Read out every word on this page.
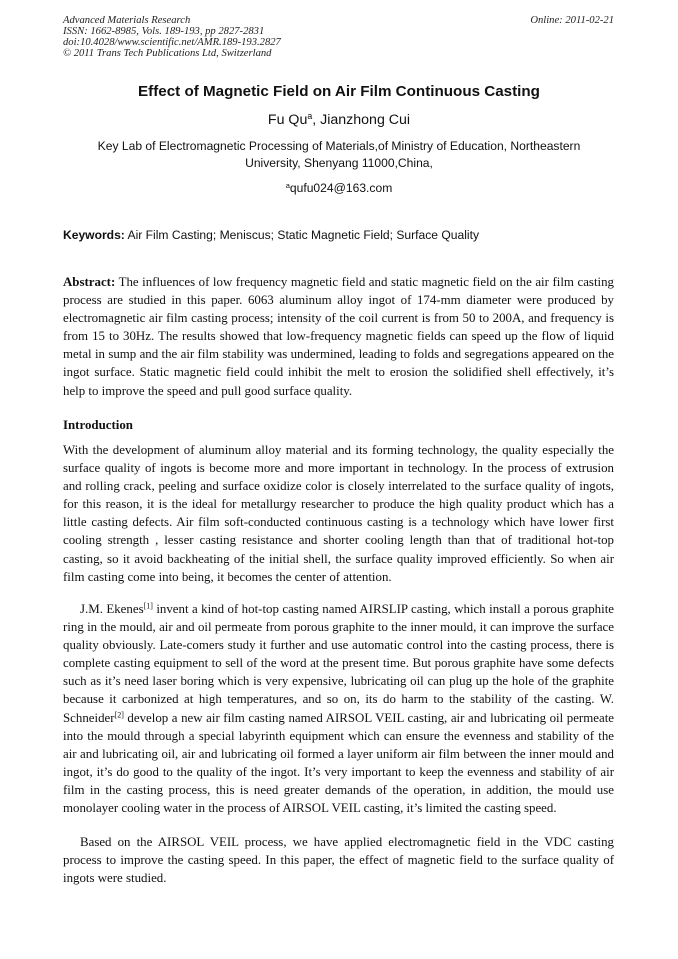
Advanced Materials Research
ISSN: 1662-8985, Vols. 189-193, pp 2827-2831
doi:10.4028/www.scientific.net/AMR.189-193.2827
© 2011 Trans Tech Publications Ltd, Switzerland
Online: 2011-02-21
Effect of Magnetic Field on Air Film Continuous Casting
Fu Qu$^a$, Jianzhong Cui
Key Lab of Electromagnetic Processing of Materials,of Ministry of Education, Northeastern
University, Shenyang 11000,China,
$^a$qufu024@163.com
Keywords: Air Film Casting; Meniscus; Static Magnetic Field; Surface Quality

Abstract: The influences of low frequency magnetic field and static magnetic field on the air film casting process are studied in this paper. 6063 aluminum alloy ingot of 174-mm diameter were produced by electromagnetic air film casting process; intensity of the coil current is from 50 to 200A, and frequency is from 15 to 30Hz. The results showed that low-frequency magnetic fields can speed up the flow of liquid metal in sump and the air film stability was undermined, leading to folds and segregations appeared on the ingot surface. Static magnetic field could inhibit the melt to erosion the solidified shell effectively, it’s help to improve the speed and pull good surface quality.

Introduction

With the development of aluminum alloy material and its forming technology, the quality especially the surface quality of ingots is become more and more important in technology. In the process of extrusion and rolling crack, peeling and surface oxidize color is closely interrelated to the surface quality of ingots, for this reason, it is the ideal for metallurgy researcher to produce the high quality product which has a little casting defects. Air film soft-conducted continuous casting is a technology which have lower first cooling strength , lesser casting resistance and shorter cooling length than that of traditional hot-top casting, so it avoid backheating of the initial shell, the surface quality improved efficiently. So when air film casting come into being, it becomes the center of attention.

J.M. Ekenes[1] invent a kind of hot-top casting named AIRSLIP casting, which install a porous graphite ring in the mould, air and oil permeate from porous graphite to the inner mould, it can improve the surface quality obviously. Late-comers study it further and use automatic control into the casting process, there is complete casting equipment to sell of the word at the present time. But porous graphite have some defects such as it’s need laser boring which is very expensive, lubricating oil can plug up the hole of the graphite because it carbonized at high temperatures, and so on, its do harm to the stability of the casting. W. Schneider[2] develop a new air film casting named AIRSOL VEIL casting, air and lubricating oil permeate into the mould through a special labyrinth equipment which can ensure the evenness and stability of the air and lubricating oil, air and lubricating oil formed a layer uniform air film between the inner mould and ingot, it’s do good to the quality of the ingot. It’s very important to keep the evenness and stability of air film in the casting process, this is need greater demands of the operation, in addition, the mould use monolayer cooling water in the process of AIRSOL VEIL casting, it’s limited the casting speed.

Based on the AIRSOL VEIL process, we have applied electromagnetic field in the VDC casting process to improve the casting speed. In this paper, the effect of magnetic field to the surface quality of ingots were studied.
